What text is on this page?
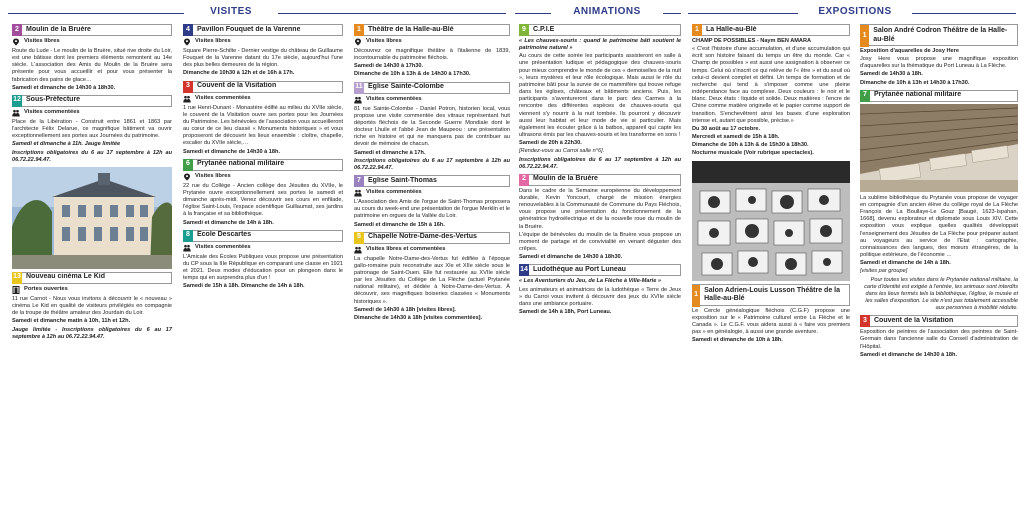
VISITES	ANIMATIONS	EXPOSITIONS
2	Moulin de la Bruère
Visites libres

Route du Lude - Le moulin de la Bruère, situé rive droite du Loir, est une bâtisse dont les premiers éléments remontent au 14e siècle. L'association des Amis du Moulin de la Bruère sera présente pour vous accueillir et pour vous présenter la fabrication des pains de glace…

Samedi et dimanche de 14h30 à 18h30.

12 Sous-Préfecture
Visites commentées

Place de la Libération - Construit entre 1861 et 1863 par l'architecte Félix Delarue, ce magnifique bâtiment va ouvrir exceptionnellement ses portes aux Journées du patrimoine.

Samedi et dimanche à 11h. Jauge limitée

Inscriptions obligatoires du 6 au 17 septembre à 12h au 06.72.22.94.47.

13 Nouveau cinéma Le Kid
Portes ouvertes

11 rue Carnot - Nous vous invitons à découvrir le « nouveau » cinéma Le Kid en qualité de visiteurs privilégiés en compagnie de la troupe de théâtre amateur des Jourdain du Loir.

Samedi et dimanche matin à 10h, 11h et 12h.

Jauge limitée - Inscriptions obligatoires du 6 au 17 septembre à 12h au 06.72.22.94.47.

4	Pavillon Fouquet de la Varenne
Visites libres

Square Pierre-Schilte - Dernier vestige du château de Guillaume Fouquet de la Varenne datant du 17e siècle, aujourd'hui l'une des plus belles demeures de la région.

Dimanche de 10h30 à 12h et de 16h à 17h.

3	Couvent de la Visitation
Visites commentées

1 rue Henri-Dunant - Monastère édifié au milieu du XVIIe siècle, le couvent de la Visitation ouvre ses portes pour les Journées du Patrimoine. Les bénévoles de l'association vous accueilleront au cœur de ce lieu classé « Monuments historiques » et vous proposeront de découvrir les lieux ensemble : cloître, chapelle, escalier du XVIIe siècle,…

Samedi et dimanche de 14h30 à 18h.

6	Prytanée national militaire
Visites libres

22 rue du Collège - Ancien collège des Jésuites du XVIIe, le Prytanée ouvre exceptionnellement ses portes le samedi et dimanche après-midi. Venez découvrir ses cours en enfilade, l'église Saint-Louis, l'espace scientifique Guillaumat, ses jardins à la française et sa bibliothèque.

Samedi et dimanche de 14h à 18h.

8	École Descartes
Visites commentées

L'Amicale des Écoles Publiques vous propose une présentation du CP sous la IIIe République en comparant une classe en 1921 et 2021. Deux modes d'éducation pour un plongeon dans le temps qui en surprendra plus d'un !

Samedi de 15h à 18h. Dimanche de 14h à 18h.

1	Théâtre de la Halle-au-Blé
Visites libres

Découvrez ce magnifique théâtre à l'italienne de 1839, incontournable du patrimoine fléchois.

Samedi de 14h30 à 17h30.

Dimanche de 10h à 13h & de 14h30 à 17h30.

11 Église Sainte-Colombe
Visites commentées

81 rue Sainte-Colombe - Daniel Potron, historien local, vous propose une visite commentée des vitraux représentant huit déportés fléchois de la Seconde Guerre Mondiale dont le docteur Lhuile et l'abbé Jean de Maupeou : une présentation riche en histoire et qui ne manquera pas de contribuer au devoir de mémoire de chacun.

Samedi et dimanche à 17h.

Inscriptions obligatoires du 6 au 17 septembre à 12h au 06.72.22.94.47.

7	Église Saint-Thomas
Visites commentées

L'Association des Amis de l'orgue de Saint-Thomas proposera au cours du week-end une présentation de l'orgue Merklin et le patrimoine en orgues de la Vallée du Loir.

Samedi et dimanche de 15h à 16h.

5	Chapelle Notre-Dame-des-Vertus
Visites libres et commentées

La chapelle Notre-Dame-des-Vertus fut édifiée à l'époque gallo-romaine puis reconstruite aux XIe et XIIe siècle sous le patronage de Saint-Ouen. Elle fut restaurée au XVIIe siècle par les Jésuites du Collège de La Flèche (actuel Prytanée national militaire), et dédiée à Notre-Dame-des-Vertus. À découvrir, ses magnifiques boiseries classées « Monuments historiques ».

Samedi de 14h30 à 18h [visites libres].

Dimanche de 14h30 à 18h [visites commentées].

9	C.P.I.E

« Les chauves-souris : quand le patrimoine bâti soutient le patrimoine naturel »

Au cours de cette soirée les participants assisteront en salle à une présentation ludique et pédagogique des chauves-souris pour mieux comprendre le monde de ces « demoiselles de la nuit », leurs mystères et leur rôle écologique. Mais aussi le rôle du patrimoine bâti pour la survie de ce mammifère qui trouve refuge dans les églises, châteaux et bâtiments anciens. Puis, les participants s'aventureront dans le parc des Carmes à la rencontre des différentes espèces de chauves-souris qui viennent s'y nourrir à la nuit tombée. Ils pourront y découvrir aussi leur habitat et leur mode de vie si particulier. Mais également les écouter grâce à la batbox, appareil qui capte les ultrasons émis par les chauves-souris et les transforme en sons !

Samedi de 20h à 22h30.

[Rendez-vous au Carroi salle n°6].

Inscriptions obligatoires du 6 au 17 septembre à 12h au 06.72.22.94.47.

2	Moulin de la Bruère

Dans le cadre de la Semaine européenne du développement durable, Kevin Yoncourt, chargé de mission énergies renouvelables à la Communauté de Commune du Pays Fléchois, vous propose une présentation du fonctionnement de la génératrice hydroélectrique et de la nouvelle roue du moulin de la Bruère.

L'équipe de bénévoles du moulin de la Bruère vous propose un moment de partage et de convivialité en venant déguster des crêpes.

Samedi et dimanche de 14h30 à 18h30.

14 Ludothèque au Port Luneau

« Les Aventuriers du Jeu, de La Flèche à Ville-Marie »

Les animateurs et animatrices de la ludothèque « Terre de Jeux » du Carroi vous invitent à découvrir des jeux du XVIIe siècle dans une ambiance portuaire.

Samedi de 14h à 18h, Port Luneau.

1	La Halle-au-Blé

CHAMP DE POSSIBLES - Naym BEN AMARA

« C'est l'histoire d'une accumulation, et d'une accumulation qui écrit son histoire faisant du temps un être du monde. Car « Champ de possibles » est aussi une assignation à observer ce temps. Celui où s'inscrit ce qui relève de l'« être » et du seuil où celui-ci devient complet et défini. Un temps de formation et de recherche qui tend à s'imposer comme une pleine indépendance face au complexe. Deux couleurs : le noir et le blanc. Deux états : liquide et solide. Deux matières : l'encre de Chine comme matière originelle et le papier comme support de transition. S'enchevêtrent ainsi les bases d'une exploration intense et, autant que possible, précise.»

Du 30 août au 17 octobre.

Mercredi et samedi de 15h à 18h.

Dimanche de 10h à 13h & de 15h30 à 18h30.

Nocturne musicale (Voir rubrique spectacles).

1
Salon Adrien-Louis Lusson Théâtre de la Halle-au-Blé

Le Cercle généalogique fléchois (C.G.F) propose une exposition sur le « Patrimoine culturel entre La Flèche et le Canada ». Le C.G.F. vous aidera aussi à « faire vos premiers pas » en généalogie, à aussi une grande aventure.

Samedi et dimanche de 10h à 18h.

1
Salon André Codron Théâtre de la Halle-au-Blé

Exposition d'aquarelles de Josy Here

Josy Here vous propose une magnifique exposition d'aquarelles sur la thématique du Port Luneau à La Flèche.

Samedi de 14h30 à 18h.

Dimanche de 10h à 13h et 14h30 à 17h30.

7	Prytanée national militaire

La sublime bibliothèque du Prytanée vous propose de voyager en compagnie d'un ancien élève du collège royal de La Flèche François de La Boullaye-Le Gouz [Baugé, 1623-Ispahan, 1668], devenu explorateur et diplomate sous Louis XIV. Cette exposition vous explique quelles qualités développait l'enseignement des Jésuites de La Flèche pour préparer autant au voyageurs au service de l'Etat : cartographie, connaissances des langues, des mœurs étrangères, de la politique extérieure, de l'économie …

Samedi et dimanche de 14h à 18h.

[visites par groupe]

Pour toutes les visites dans le Prytanée national militaire, la carte d'identité est exigée à l'entrée, les animaux sont interdits dans les lieux fermés tels la bibliothèque, l'église, le musée et les salles d'exposition. Le site n'est pas totalement accessible aux personnes à mobilité réduite.

3	Couvent de la Visitation

Exposition de peintres de l'association des peintres de Saint-Germain dans l'ancienne salle du Conseil d'administration de l'Hôpital.

Samedi et dimanche de 14h30 à 18h.
